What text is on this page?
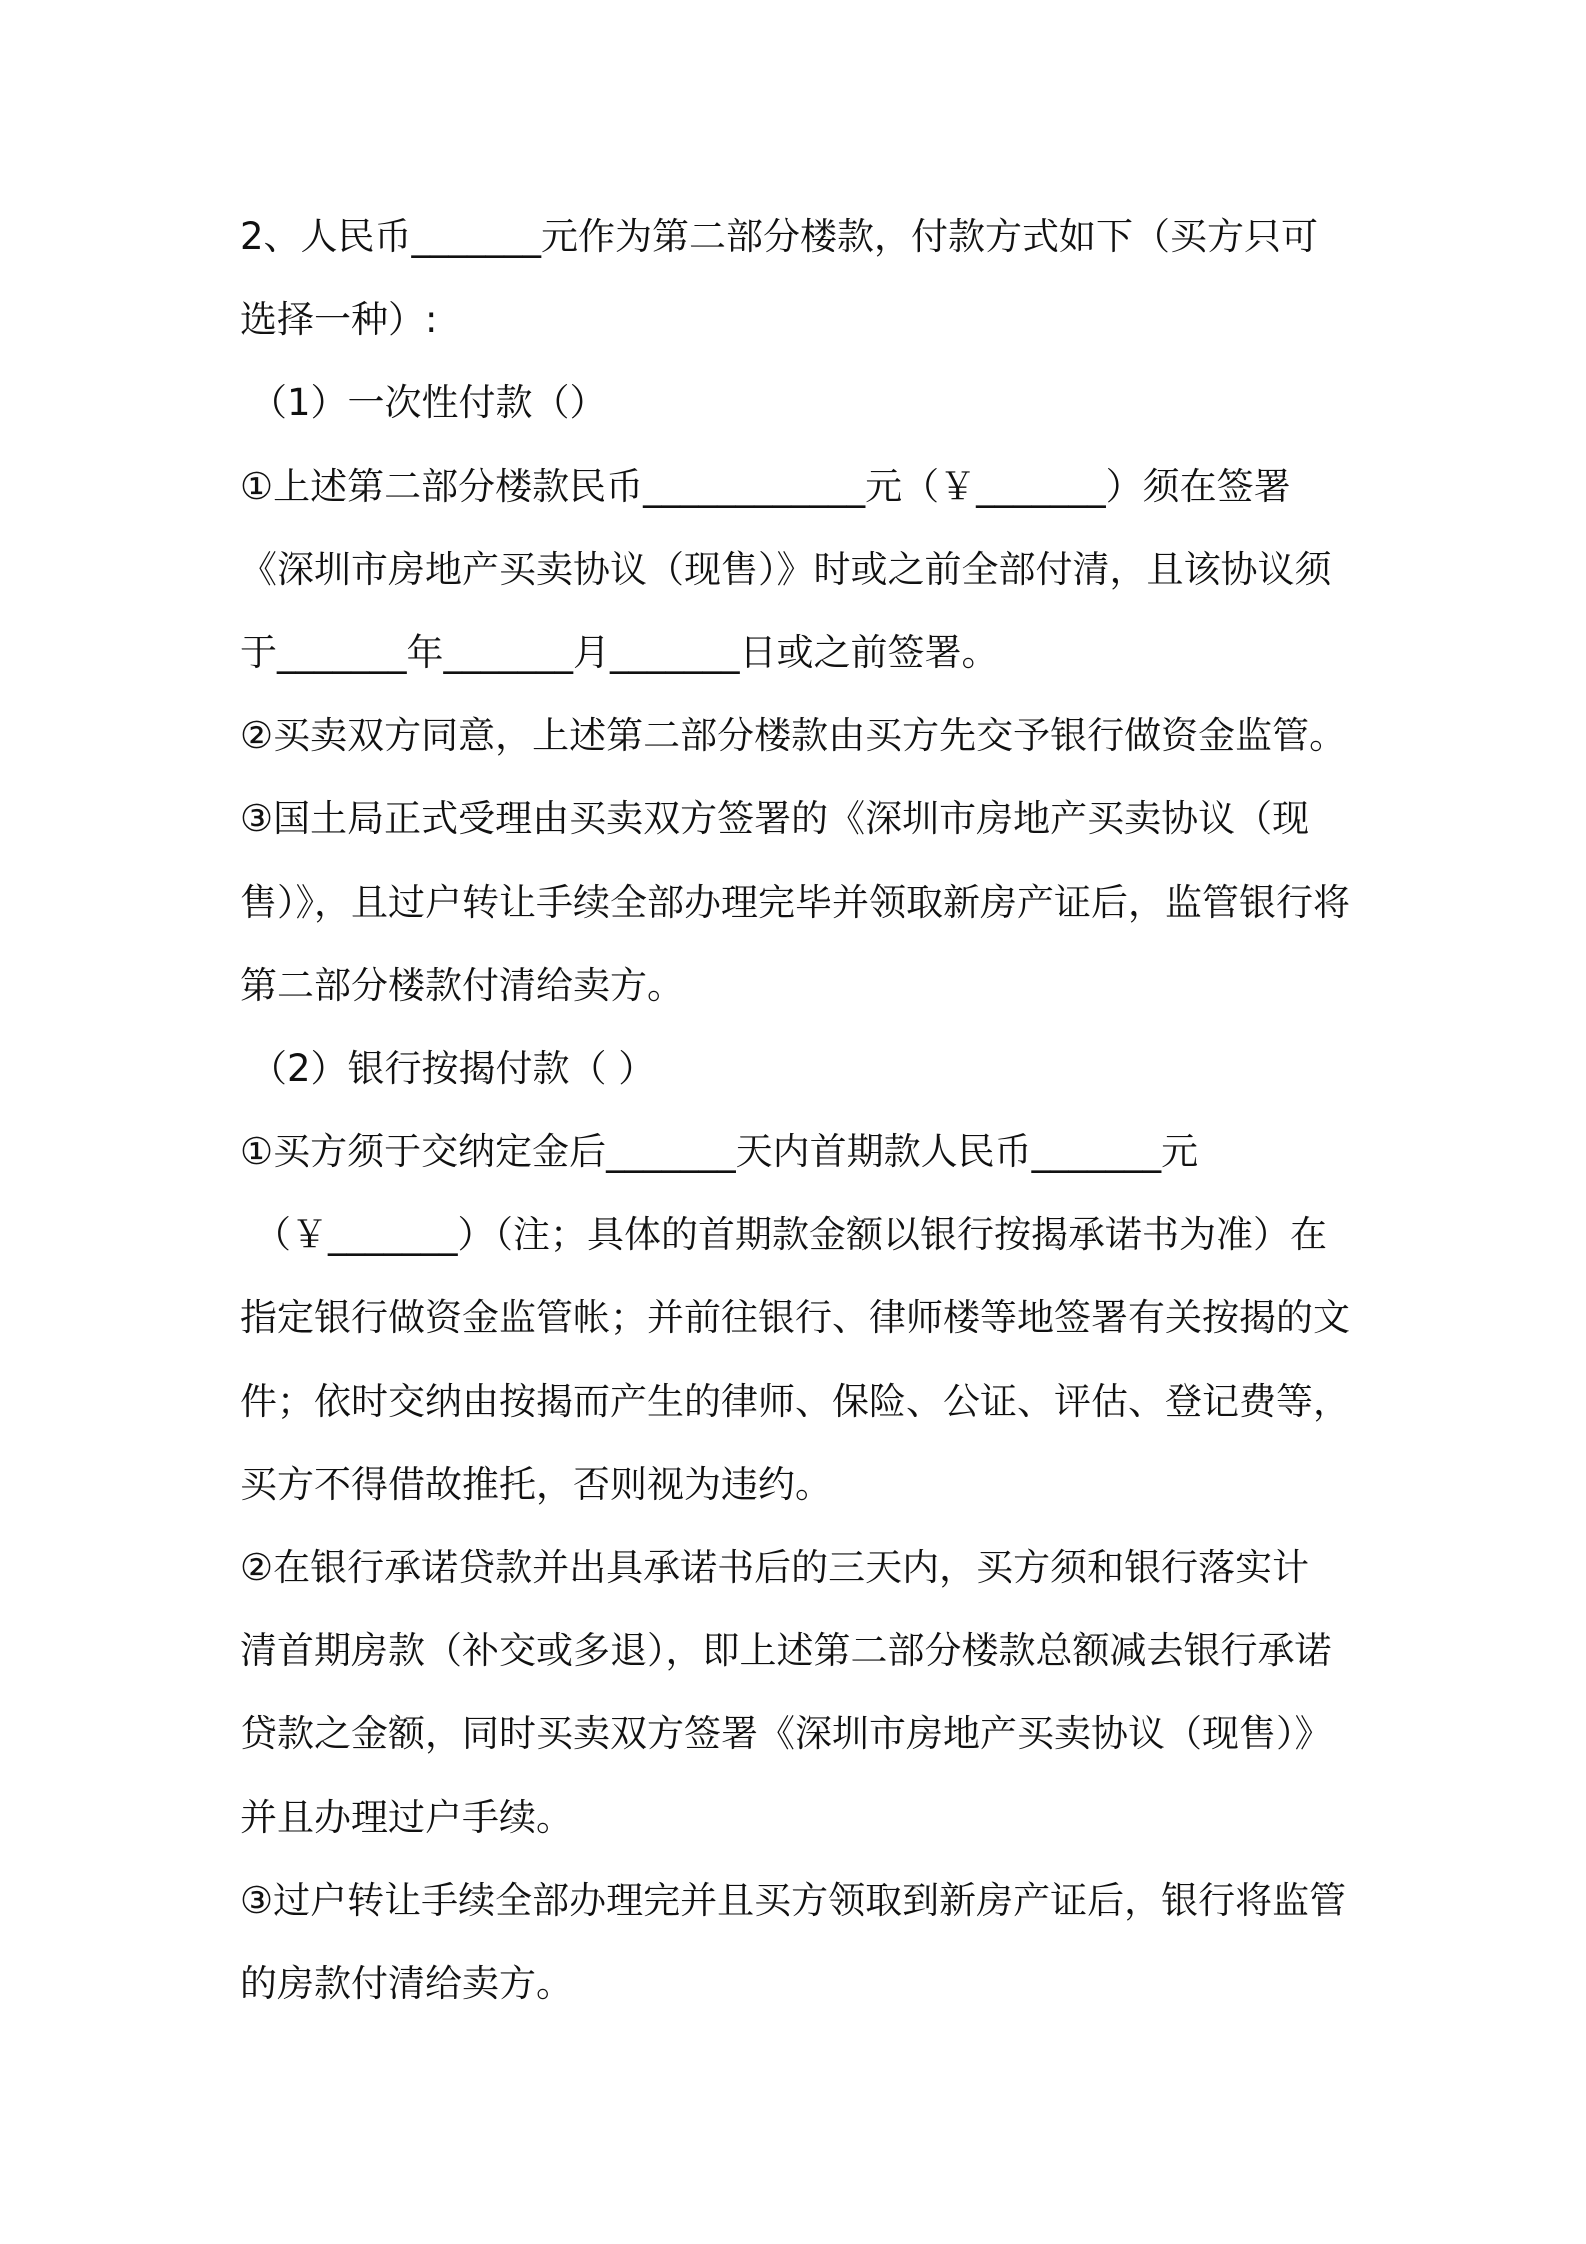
2、人民币_______元作为第二部分楼款，付款方式如下（买方只可
选择一种）:
（1）一次性付款（）
①上述第二部分楼款民币____________元（￥_______）须在签署
《深圳市房地产买卖协议（现售）》时或之前全部付清，且该协议须
于_______年_______月_______日或之前签署。
②买卖双方同意，上述第二部分楼款由买方先交予银行做资金监管。
③国土局正式受理由买卖双方签署的《深圳市房地产买卖协议（现
售）》，且过户转让手续全部办理完毕并领取新房产证后，监管银行将
第二部分楼款付清给卖方。
（2）银行按揭付款（ ）
①买方须于交纳定金后_______天内首期款人民币_______元
（￥_______）（注；具体的首期款金额以银行按揭承诺书为准）在
指定银行做资金监管帐；并前往银行、律师楼等地签署有关按揭的文
件；依时交纳由按揭而产生的律师、保险、公证、评估、登记费等，
买方不得借故推托，否则视为违约。
②在银行承诺贷款并出具承诺书后的三天内，买方须和银行落实计
清首期房款（补交或多退），即上述第二部分楼款总额减去银行承诺
贷款之金额，同时买卖双方签署《深圳市房地产买卖协议（现售）》
并且办理过户手续。
③过户转让手续全部办理完并且买方领取到新房产证后，银行将监管
的房款付清给卖方。
